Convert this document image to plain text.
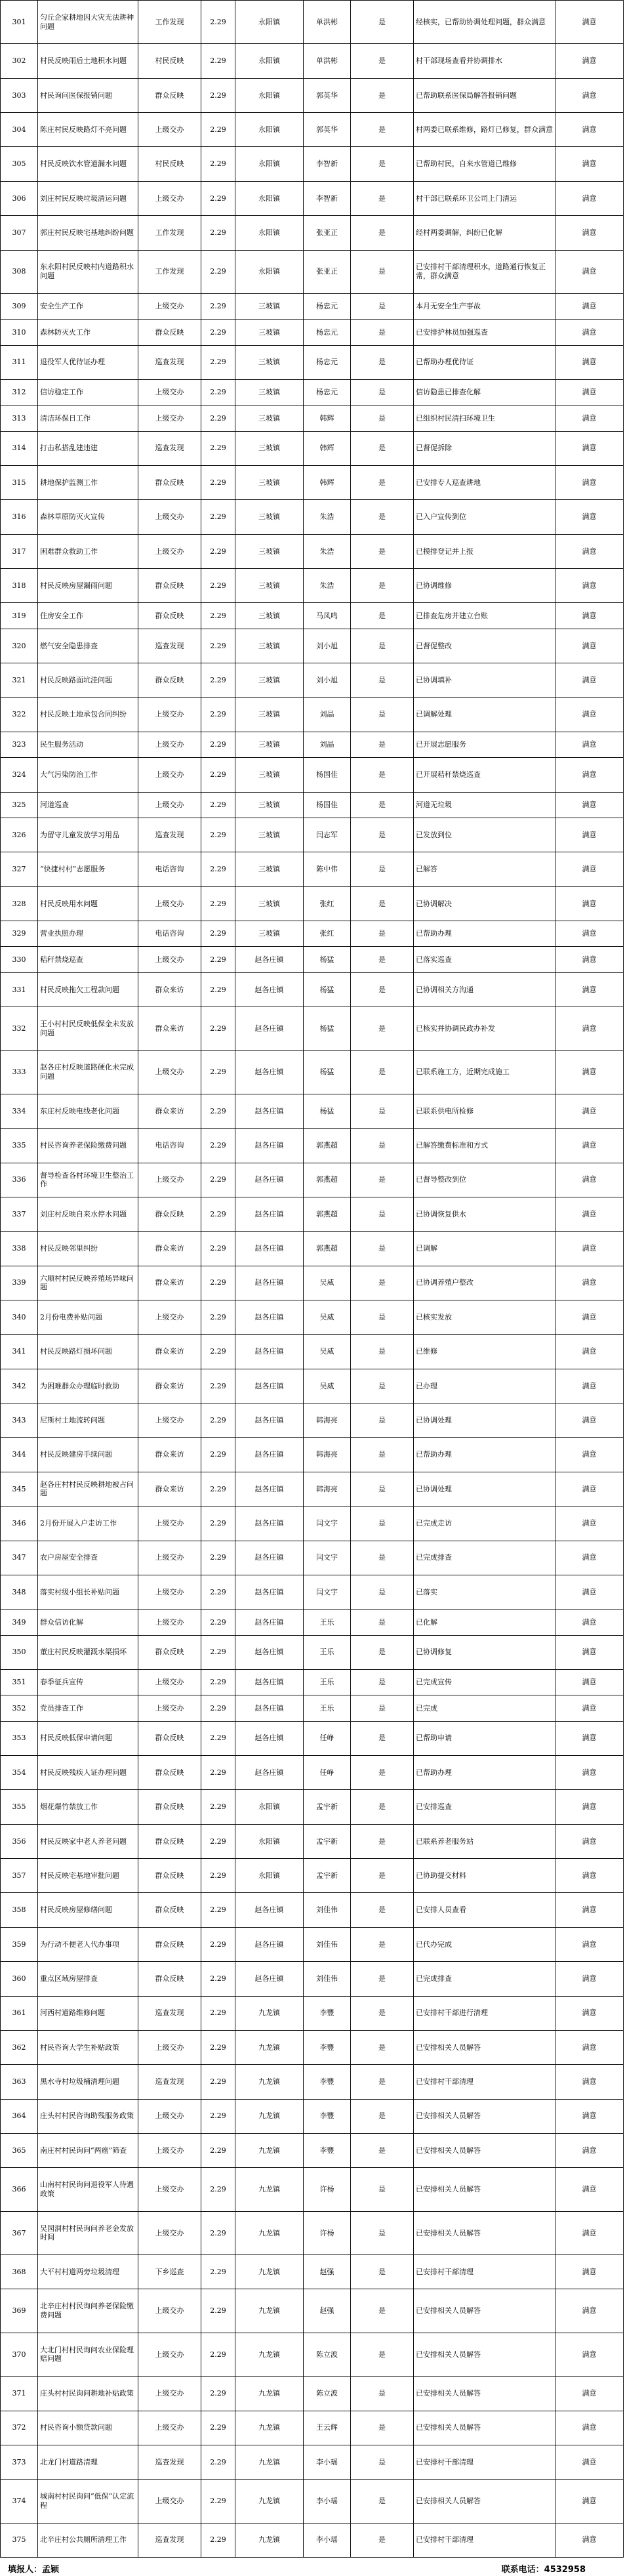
301	匀丘企家耕地因大灾无法耕种问题	工作发现	2.29	永阳镇	单洪彬	是	经核实，已帮助协调处理问题，群众满意	满意
302	村民反映雨后土地积水问题	村民反映	2.29	永阳镇	单洪彬	是	村干部现场查看并协调排水	满意
303	村民询问医保报销问题	群众反映	2.29	永阳镇	郭英华	是	已帮助联系医保局解答报销问题	满意
304	陈庄村民反映路灯不亮问题	上级交办	2.29	永阳镇	郭英华	是	村两委已联系维修，路灯已修复，群众满意	满意
305	村民反映饮水管道漏水问题	村民反映	2.29	永阳镇	李智新	是	已帮助村民，自来水管道已维修	满意
306	刘庄村民反映垃圾清运问题	上级交办	2.29	永阳镇	李智新	是	村干部已联系环卫公司上门清运	满意
307	郭庄村民反映宅基地纠纷问题	工作发现	2.29	永阳镇	张亚正	是	经村两委调解，纠纷已化解	满意
308	东永阳村民反映村内道路积水问题	工作发现	2.29	永阳镇	张亚正	是	已安排村干部清理积水，道路通行恢复正常，群众满意	满意
309	安全生产工作	上级交办	2.29	三坡镇	杨忠元	是	本月无安全生产事故	满意
310	森林防灭火工作	群众反映	2.29	三坡镇	杨忠元	是	已安排护林员加强巡查	满意
311	退役军人优待证办理	巡查发现	2.29	三坡镇	杨忠元	是	已帮助办理优待证	满意
312	信访稳定工作	上级交办	2.29	三坡镇	杨忠元	是	信访隐患已排查化解	满意
313	清洁环保日工作	上级交办	2.29	三坡镇	韩辉	是	已组织村民清扫环境卫生	满意
314	打击私搭乱建违建	巡查发现	2.29	三坡镇	韩辉	是	已督促拆除	满意
315	耕地保护监测工作	群众反映	2.29	三坡镇	韩辉	是	已安排专人巡查耕地	满意
316	森林草原防灭火宣传	上级交办	2.29	三坡镇	朱浩	是	已入户宣传到位	满意
317	困难群众救助工作	上级交办	2.29	三坡镇	朱浩	是	已摸排登记并上报	满意
318	村民反映房屋漏雨问题	群众反映	2.29	三坡镇	朱浩	是	已协调维修	满意
319	住房安全工作	群众反映	2.29	三坡镇	马凤鸣	是	已排查危房并建立台账	满意
320	燃气安全隐患排查	巡查发现	2.29	三坡镇	刘小旭	是	已督促整改	满意
321	村民反映路面坑洼问题	群众反映	2.29	三坡镇	刘小旭	是	已协调填补	满意
322	村民反映土地承包合同纠纷	上级交办	2.29	三坡镇	刘晶	是	已调解处理	满意
323	民生服务活动	上级交办	2.29	三坡镇	刘晶	是	已开展志愿服务	满意
324	大气污染防治工作	上级交办	2.29	三坡镇	杨国佳	是	已开展秸秆禁烧巡查	满意
325	河道巡查	上级交办	2.29	三坡镇	杨国佳	是	河道无垃圾	满意
326	为留守儿童发放学习用品	巡查发现	2.29	三坡镇	闫志军	是	已发放到位	满意
327	“快捷村村”志愿服务	电话咨询	2.29	三坡镇	陈中伟	是	已解答	满意
328	村民反映用水问题	上级交办	2.29	三坡镇	张红	是	已协调解决	满意
329	营业执照办理	电话咨询	2.29	三坡镇	张红	是	已帮助办理	满意
330	秸秆禁烧巡查	上级交办	2.29	赵各庄镇	杨猛	是	已落实巡查	满意
331	村民反映拖欠工程款问题	群众来访	2.29	赵各庄镇	杨猛	是	已协调相关方沟通	满意
332	王小村村民反映低保金未发放问题	群众来访	2.29	赵各庄镇	杨猛	是	已核实并协调民政办补发	满意
333	赵各庄村反映道路硬化未完成问题	上级交办	2.29	赵各庄镇	杨猛	是	已联系施工方，近期完成施工	满意
334	东庄村反映电线老化问题	群众来访	2.29	赵各庄镇	杨猛	是	已联系供电所检修	满意
335	村民咨询养老保险缴费问题	电话咨询	2.29	赵各庄镇	郭燕超	是	已解答缴费标准和方式	满意
336	督导检查各村环境卫生整治工作	上级交办	2.29	赵各庄镇	郭燕超	是	已督导整改到位	满意
337	刘庄村反映自来水停水问题	群众反映	2.29	赵各庄镇	郭燕超	是	已协调恢复供水	满意
338	村民反映邻里纠纷	群众来访	2.29	赵各庄镇	郭燕超	是	已调解	满意
339	六顺村村民反映养殖场异味问题	群众来访	2.29	赵各庄镇	吴威	是	已协调养殖户整改	满意
340	2月份电费补贴问题	上级交办	2.29	赵各庄镇	吴威	是	已核实发放	满意
341	村民反映路灯损坏问题	群众来访	2.29	赵各庄镇	吴威	是	已维修	满意
342	为困难群众办理临时救助	群众来访	2.29	赵各庄镇	吴威	是	已办理	满意
343	尼斯村土地流转问题	上级交办	2.29	赵各庄镇	韩海亮	是	已协调处理	满意
344	村民反映建房手续问题	群众来访	2.29	赵各庄镇	韩海亮	是	已帮助办理	满意
345	赵各庄村村民反映耕地被占问题	群众来访	2.29	赵各庄镇	韩海亮	是	已协调处理	满意
346	2月份开展入户走访工作	上级交办	2.29	赵各庄镇	闫文宇	是	已完成走访	满意
347	农户房屋安全排查	上级交办	2.29	赵各庄镇	闫文宇	是	已完成排查	满意
348	落实村级小组长补贴问题	上级交办	2.29	赵各庄镇	闫文宇	是	已落实	满意
349	群众信访化解	上级交办	2.29	赵各庄镇	王乐	是	已化解	满意
350	董庄村民反映灌溉水渠损坏	群众反映	2.29	赵各庄镇	王乐	是	已协调修复	满意
351	春季征兵宣传	上级交办	2.29	赵各庄镇	王乐	是	已完成宣传	满意
352	党员排查工作	上级交办	2.29	赵各庄镇	王乐	是	已完成	满意
353	村民反映低保申请问题	群众反映	2.29	赵各庄镇	任峥	是	已帮助申请	满意
354	村民反映残疾人证办理问题	群众反映	2.29	赵各庄镇	任峥	是	已帮助办理	满意
355	烟花爆竹禁放工作	群众反映	2.29	永阳镇	孟宇新	是	已安排巡查	满意
356	村民反映家中老人养老问题	群众反映	2.29	永阳镇	孟宇新	是	已联系养老服务站	满意
357	村民反映宅基地审批问题	群众反映	2.29	永阳镇	孟宇新	是	已协助提交材料	满意
358	村民反映房屋修缮问题	群众反映	2.29	赵各庄镇	刘佳伟	是	已安排人员查看	满意
359	为行动不便老人代办事项	群众反映	2.29	赵各庄镇	刘佳伟	是	已代办完成	满意
360	重点区域房屋排查	群众反映	2.29	赵各庄镇	刘佳伟	是	已完成排查	满意
361	河西村道路维修问题	巡查发现	2.29	九龙镇	李豐	是	已安排村干部进行清理	满意
362	村民咨询大学生补贴政策	上级交办	2.29	九龙镇	李豐	是	已安排相关人员解答	满意
363	黑水寺村垃圾桶清理问题	巡查发现	2.29	九龙镇	李豐	是	已安排村干部清理	满意
364	庄头村村民咨询助残服务政策	上级交办	2.29	九龙镇	李豐	是	已安排相关人员解答	满意
365	南庄村村民询问“两癌”筛查	上级交办	2.29	九龙镇	李豐	是	已安排相关人员解答	满意
366	山南村村民询问退役军人待遇政策	上级交办	2.29	九龙镇	许杨	是	已安排相关人员解答	满意
367	吴园洞村村民询问养老金发放时间	上级交办	2.29	九龙镇	许杨	是	已安排相关人员解答	满意
368	大平村村道两旁垃圾清理	下乡巡查	2.29	九龙镇	赵强	是	已安排村干部清理	满意
369	北辛庄村村民询问养老保险缴费问题	上级交办	2.29	九龙镇	赵强	是	已安排相关人员解答	满意
370	大北门村村民询问农业保险理赔问题	上级交办	2.29	九龙镇	陈立波	是	已安排相关人员解答	满意
371	庄头村村民询问耕地补贴政策	上级交办	2.29	九龙镇	陈立波	是	已安排相关人员解答	满意
372	村民咨询小额贷款问题	上级交办	2.29	九龙镇	王云辉	是	已安排相关人员解答	满意
373	北龙门村道路清理	巡查发现	2.29	九龙镇	李小瑶	是	已安排村干部清理	满意
374	城南村村民询问“低保”认定流程	上级交办	2.29	九龙镇	李小瑶	是	已安排相关人员解答	满意
375	北辛庄村公共厕所清理工作	巡查发现	2.29	九龙镇	李小瑶	是	已安排村干部清理	满意
填报人：孟颖	联系电话：4532958
